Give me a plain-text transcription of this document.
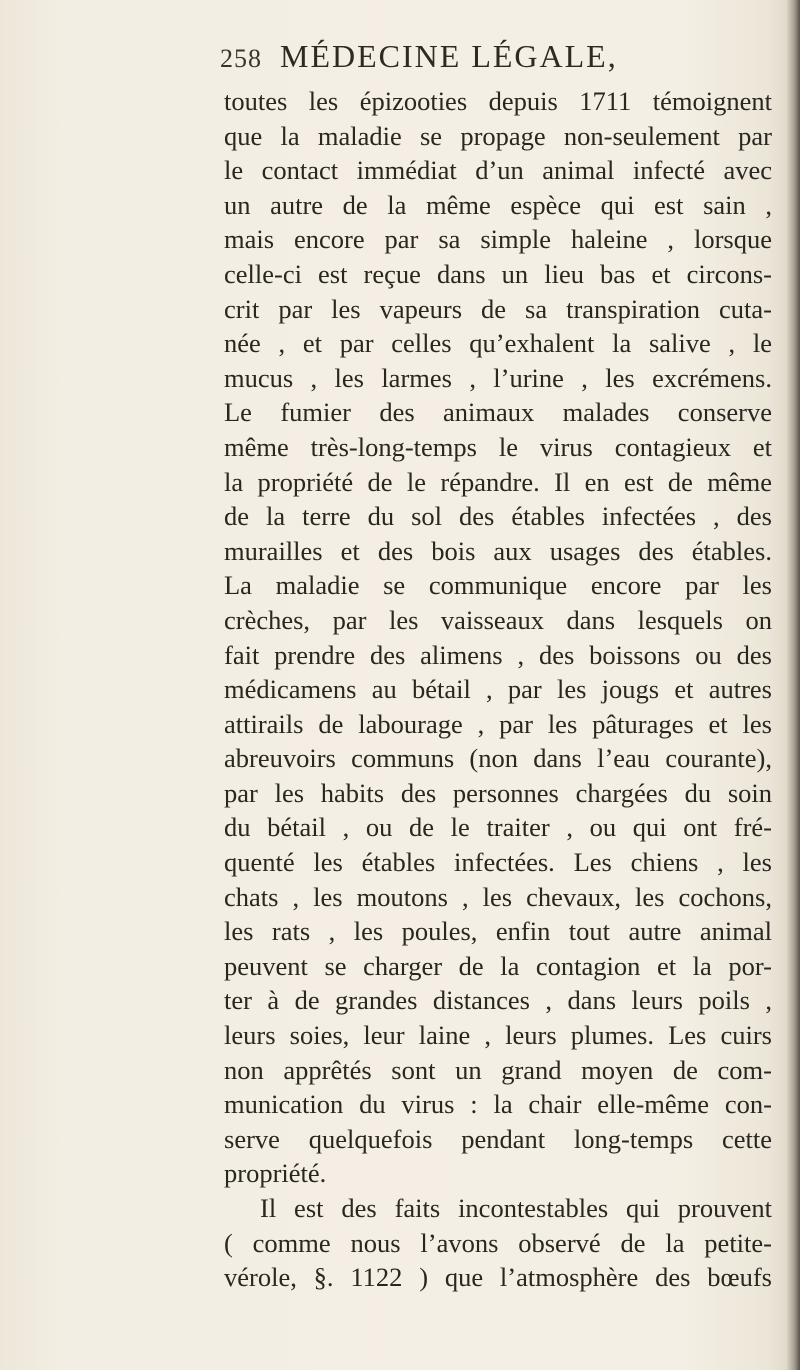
258 MÉDECINE LÉGALE,
toutes les épizooties depuis 1711 témoignent
que la maladie se propage non-seulement par
le contact immédiat d’un animal infecté avec
un autre de la même espèce qui est sain ,
mais encore par sa simple haleine , lorsque
celle-ci est reçue dans un lieu bas et circons-
crit par les vapeurs de sa transpiration cuta-
née , et par celles qu’exhalent la salive , le
mucus , les larmes , l’urine , les excrémens.
Le fumier des animaux malades conserve
même très-long-temps le virus contagieux et
la propriété de le répandre. Il en est de même
de la terre du sol des étables infectées , des
murailles et des bois aux usages des étables.
La maladie se communique encore par les
crèches, par les vaisseaux dans lesquels on
fait prendre des alimens , des boissons ou des
médicamens au bétail , par les jougs et autres
attirails de labourage , par les pâturages et les
abreuvoirs communs (non dans l’eau courante),
par les habits des personnes chargées du soin
du bétail , ou de le traiter , ou qui ont fré-
quenté les étables infectées. Les chiens , les
chats , les moutons , les chevaux, les cochons,
les rats , les poules, enfin tout autre animal
peuvent se charger de la contagion et la por-
ter à de grandes distances , dans leurs poils ,
leurs soies, leur laine , leurs plumes. Les cuirs
non apprêtés sont un grand moyen de com-
munication du virus : la chair elle-même con-
serve quelquefois pendant long-temps cette
propriété.
Il est des faits incontestables qui prouvent
( comme nous l’avons observé de la petite-
vérole, §. 1122 ) que l’atmosphère des bœufs
